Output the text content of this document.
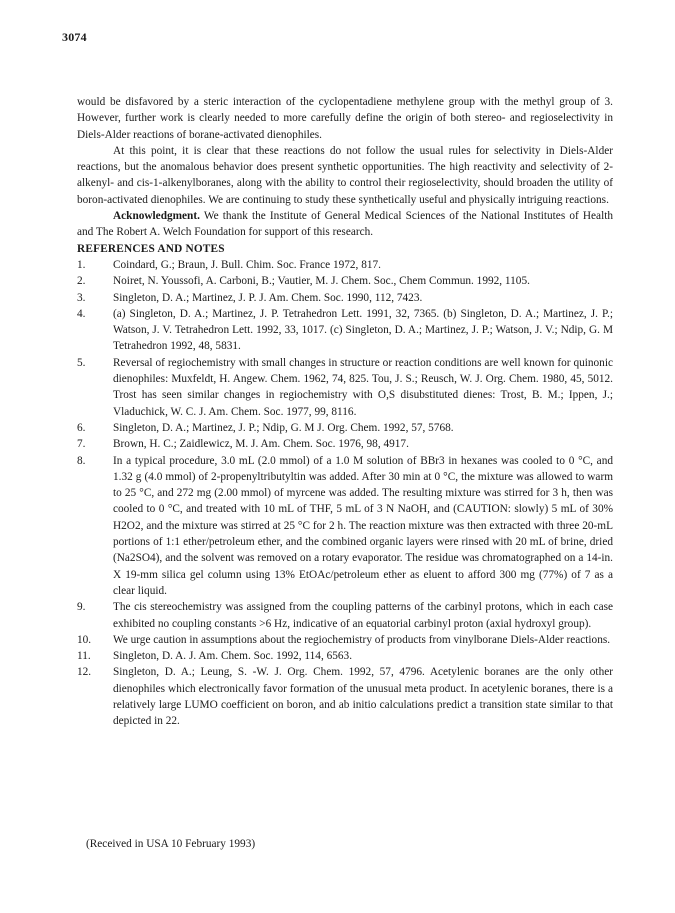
3074

would be disfavored by a steric interaction of the cyclopentadiene methylene group with the methyl group of 3. However, further work is clearly needed to more carefully define the origin of both stereo- and regioselectivity in Diels-Alder reactions of borane-activated dienophiles.

At this point, it is clear that these reactions do not follow the usual rules for selectivity in Diels-Alder reactions, but the anomalous behavior does present synthetic opportunities. The high reactivity and selectivity of 2-alkenyl- and cis-1-alkenylboranes, along with the ability to control their regioselectivity, should broaden the utility of boron-activated dienophiles. We are continuing to study these synthetically useful and physically intriguing reactions.

Acknowledgment. We thank the Institute of General Medical Sciences of the National Institutes of Health and The Robert A. Welch Foundation for support of this research.

REFERENCES AND NOTES

1.	Coindard, G.; Braun, J. Bull. Chim. Soc. France 1972, 817.
2.	Noiret, N. Youssofi, A. Carboni, B.; Vautier, M. J. Chem. Soc., Chem Commun. 1992, 1105.
3.	Singleton, D. A.; Martinez, J. P. J. Am. Chem. Soc. 1990, 112, 7423.
4.	(a) Singleton, D. A.; Martinez, J. P. Tetrahedron Lett. 1991, 32, 7365. (b) Singleton, D. A.; Martinez, J. P.; Watson, J. V. Tetrahedron Lett. 1992, 33, 1017. (c) Singleton, D. A.; Martinez, J. P.; Watson, J. V.; Ndip, G. M Tetrahedron 1992, 48, 5831.
5.	Reversal of regiochemistry with small changes in structure or reaction conditions are well known for quinonic dienophiles: Muxfeldt, H. Angew. Chem. 1962, 74, 825. Tou, J. S.; Reusch, W. J. Org. Chem. 1980, 45, 5012. Trost has seen similar changes in regiochemistry with O,S disubstituted dienes: Trost, B. M.; Ippen, J.; Vladuchick, W. C. J. Am. Chem. Soc. 1977, 99, 8116.
6.	Singleton, D. A.; Martinez, J. P.; Ndip, G. M J. Org. Chem. 1992, 57, 5768.
7.	Brown, H. C.; Zaidlewicz, M. J. Am. Chem. Soc. 1976, 98, 4917.
8.	In a typical procedure, 3.0 mL (2.0 mmol) of a 1.0 M solution of BBr3 in hexanes was cooled to 0 °C, and 1.32 g (4.0 mmol) of 2-propenyltributyltin was added. After 30 min at 0 °C, the mixture was allowed to warm to 25 °C, and 272 mg (2.00 mmol) of myrcene was added. The resulting mixture was stirred for 3 h, then was cooled to 0 °C, and treated with 10 mL of THF, 5 mL of 3 N NaOH, and (CAUTION: slowly) 5 mL of 30% H2O2, and the mixture was stirred at 25 °C for 2 h. The reaction mixture was then extracted with three 20-mL portions of 1:1 ether/petroleum ether, and the combined organic layers were rinsed with 20 mL of brine, dried (Na2SO4), and the solvent was removed on a rotary evaporator. The residue was chromatographed on a 14-in. X 19-mm silica gel column using 13% EtOAc/petroleum ether as eluent to afford 300 mg (77%) of 7 as a clear liquid.
9.	The cis stereochemistry was assigned from the coupling patterns of the carbinyl protons, which in each case exhibited no coupling constants >6 Hz, indicative of an equatorial carbinyl proton (axial hydroxyl group).
10.	We urge caution in assumptions about the regiochemistry of products from vinylborane Diels-Alder reactions.
11.	Singleton, D. A. J. Am. Chem. Soc. 1992, 114, 6563.
12.	Singleton, D. A.; Leung, S. -W. J. Org. Chem. 1992, 57, 4796. Acetylenic boranes are the only other dienophiles which electronically favor formation of the unusual meta product. In acetylenic boranes, there is a relatively large LUMO coefficient on boron, and ab initio calculations predict a transition state similar to that depicted in 22.
(Received in USA 10 February 1993)
